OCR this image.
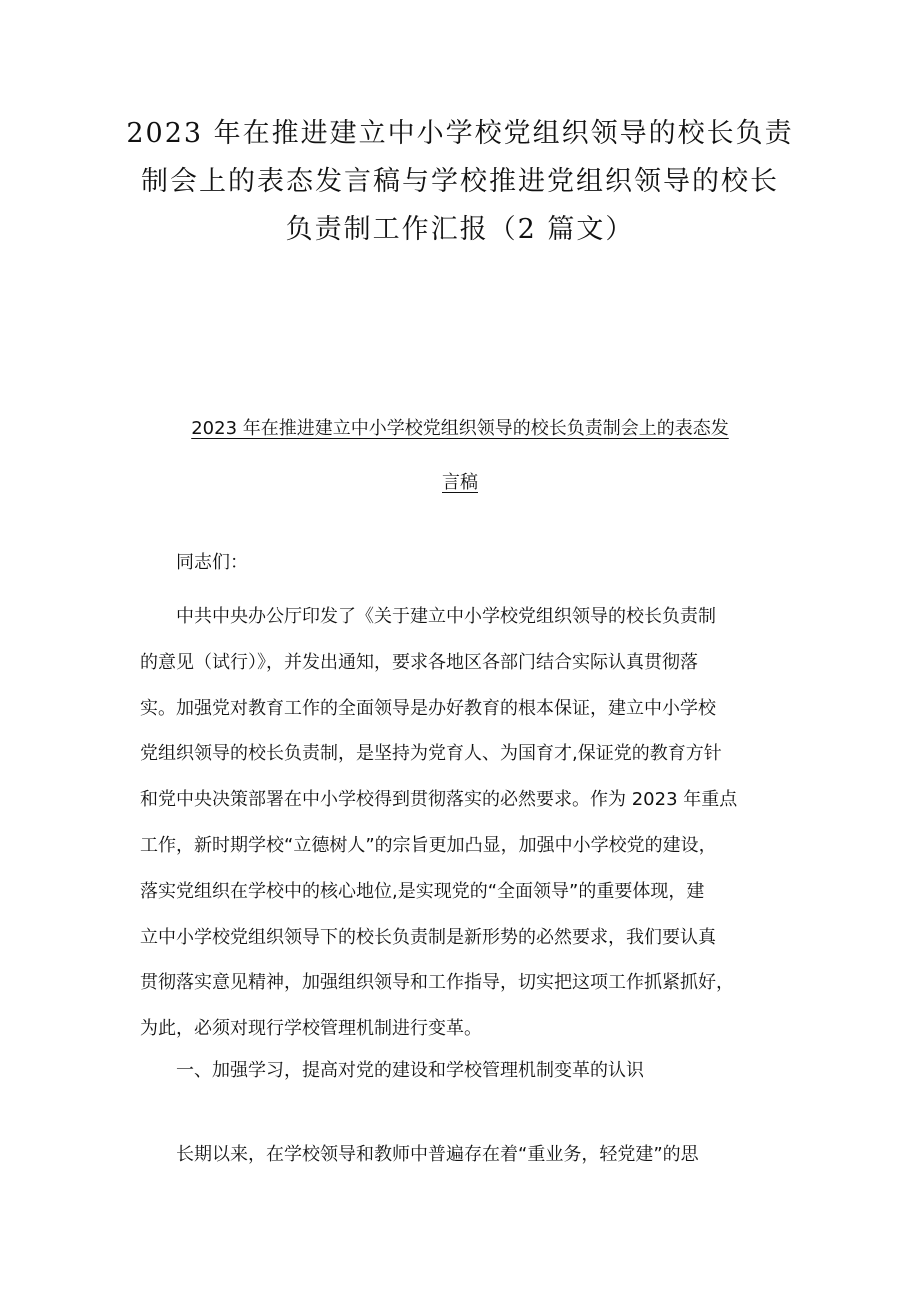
2023 年在推进建立中小学校党组织领导的校长负责
制会上的表态发言稿与学校推进党组织领导的校长
负责制工作汇报（2 篇文）
2023 年在推进建立中小学校党组织领导的校长负责制会上的表态发
言稿

同志们：

中共中央办公厅印发了《关于建立中小学校党组织领导的校长负责制
的意见（试行）》，并发出通知，要求各地区各部门结合实际认真贯彻落
实。加强党对教育工作的全面领导是办好教育的根本保证，建立中小学校
党组织领导的校长负责制，是坚持为党育人、为国育才,保证党的教育方针
和党中央决策部署在中小学校得到贯彻落实的必然要求。作为 2023 年重点
工作，新时期学校“立德树人”的宗旨更加凸显，加强中小学校党的建设，
落实党组织在学校中的核心地位,是实现党的“全面领导”的重要体现，建
立中小学校党组织领导下的校长负责制是新形势的必然要求，我们要认真
贯彻落实意见精神，加强组织领导和工作指导，切实把这项工作抓紧抓好，
为此，必须对现行学校管理机制进行变革。

一、加强学习，提高对党的建设和学校管理机制变革的认识

长期以来，在学校领导和教师中普遍存在着“重业务，轻党建”的思
